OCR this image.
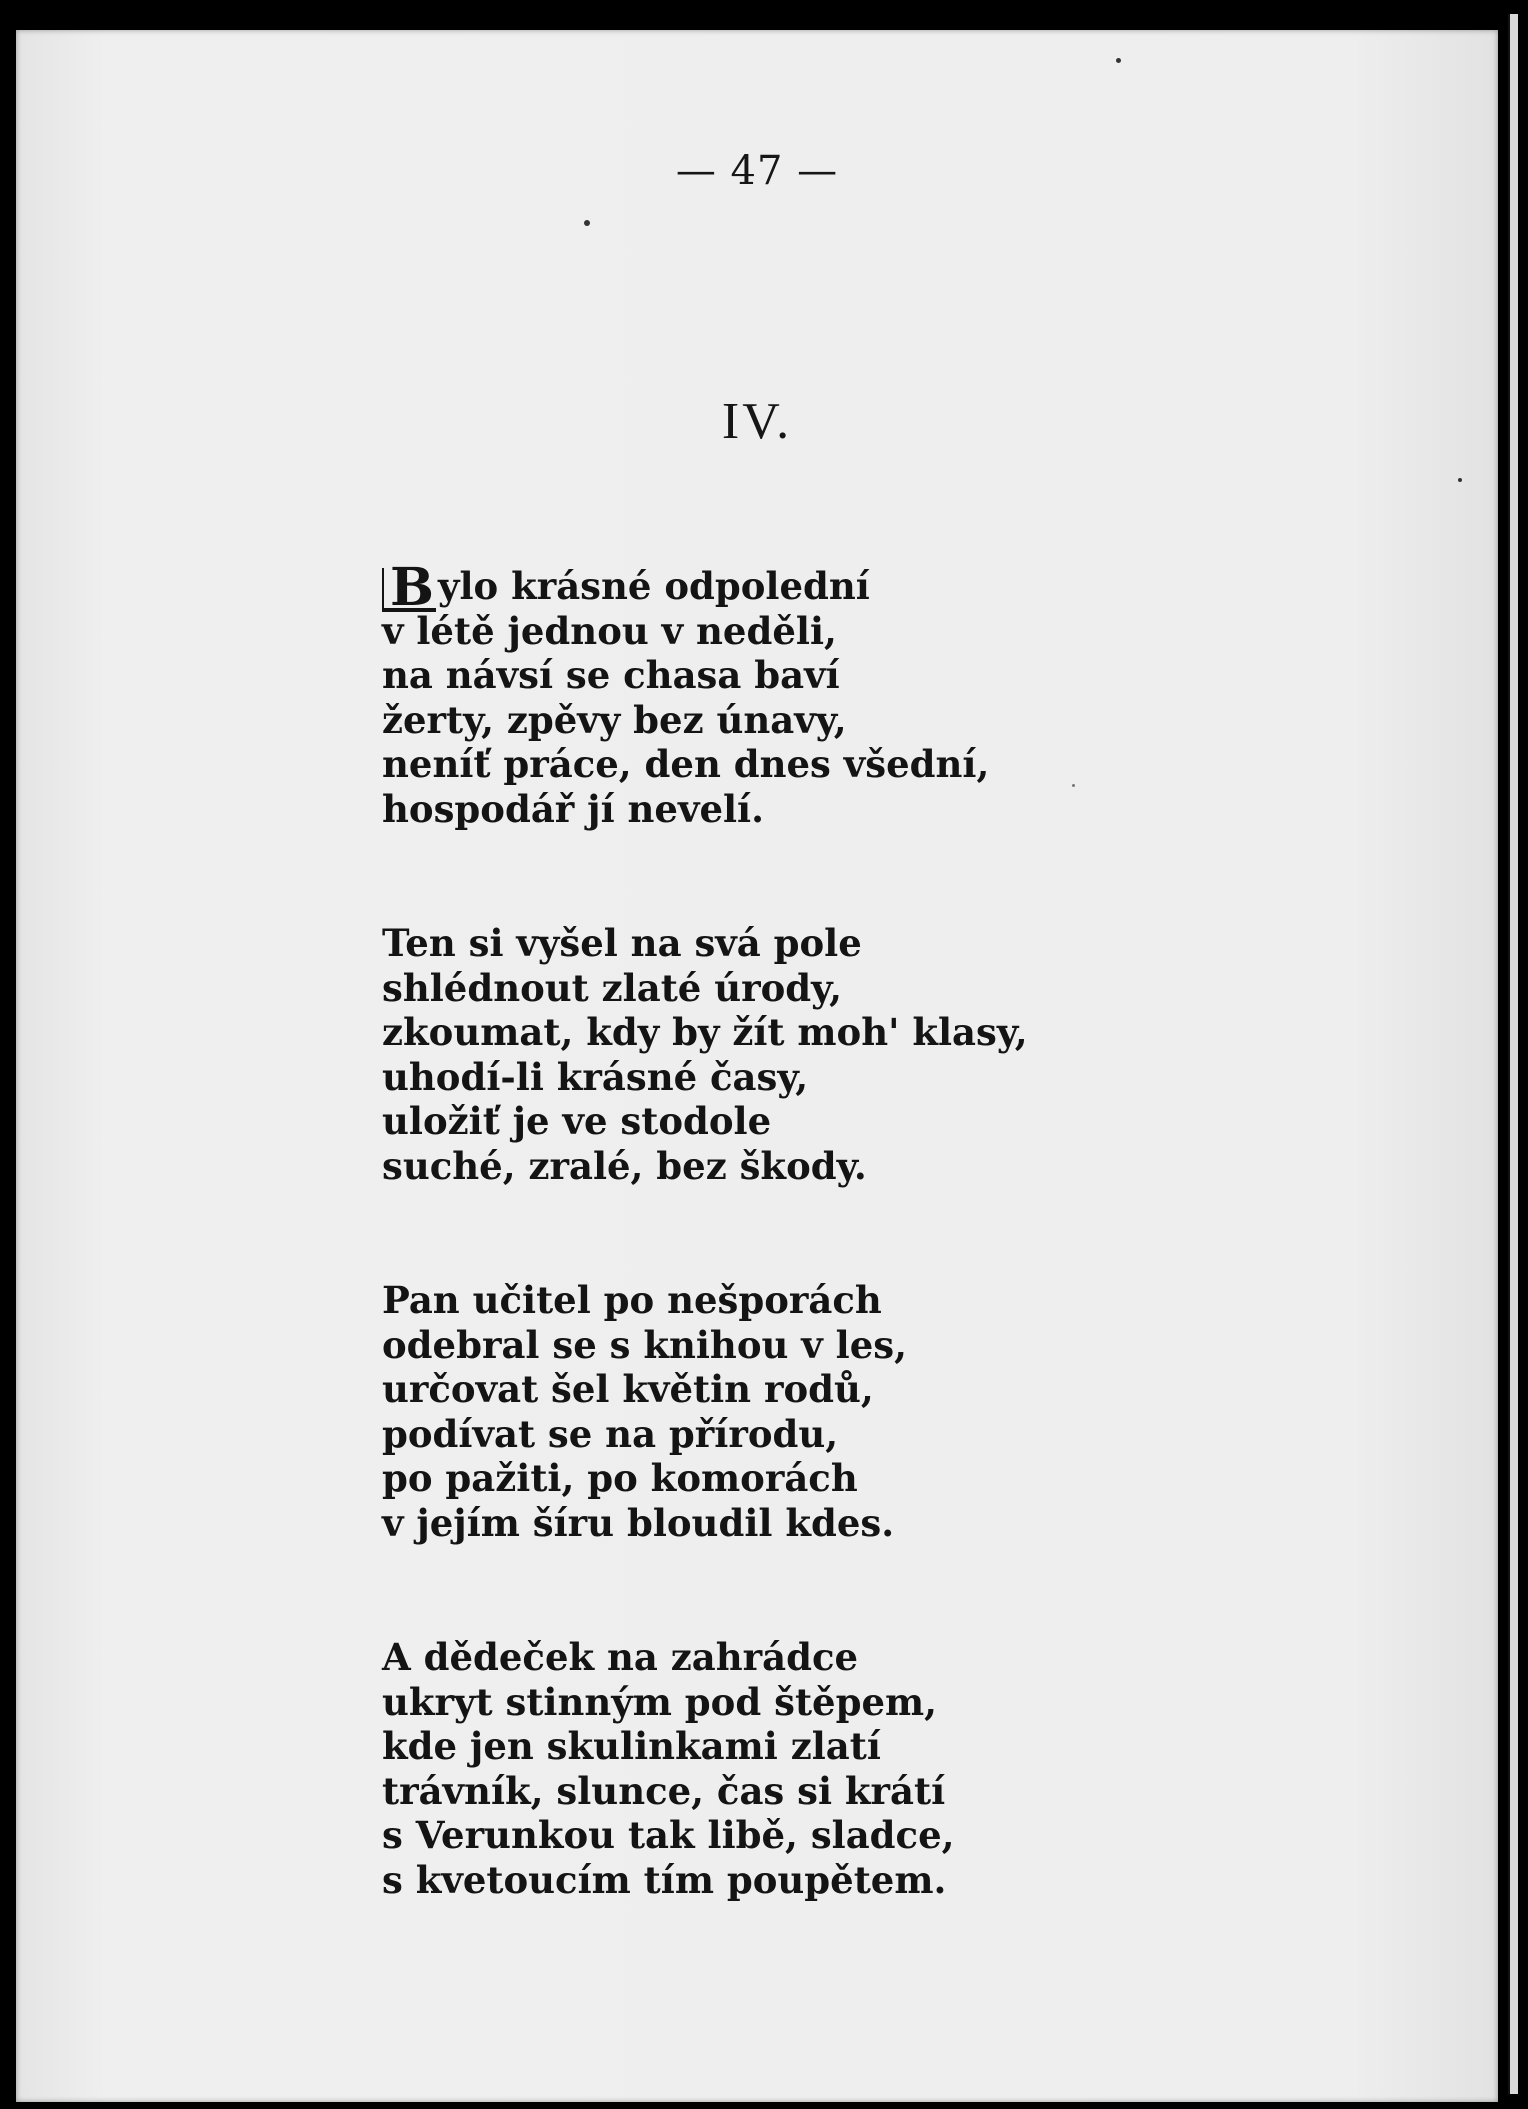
— 47 —
IV.
B ylo krásné odpolední
v létě jednou v neděli,
na návsí se chasa baví
žerty, zpěvy bez únavy,
neníť práce, den dnes všední,
hospodář jí nevelí.
Ten si vyšel na svá pole
shlédnout zlaté úrody,
zkoumat, kdy by žít moh' klasy,
uhodí-li krásné časy,
uložiť je ve stodole
suché, zralé, bez škody.
Pan učitel po nešporách
odebral se s knihou v les,
určovat šel květin rodů,
podívat se na přírodu,
po pažiti, po komorách
v jejím šíru bloudil kdes.
A dědeček na zahrádce
ukryt stinným pod štěpem,
kde jen skulinkami zlatí
trávník, slunce, čas si krátí
s Verunkou tak libě, sladce,
s kvetoucím tím poupětem.
